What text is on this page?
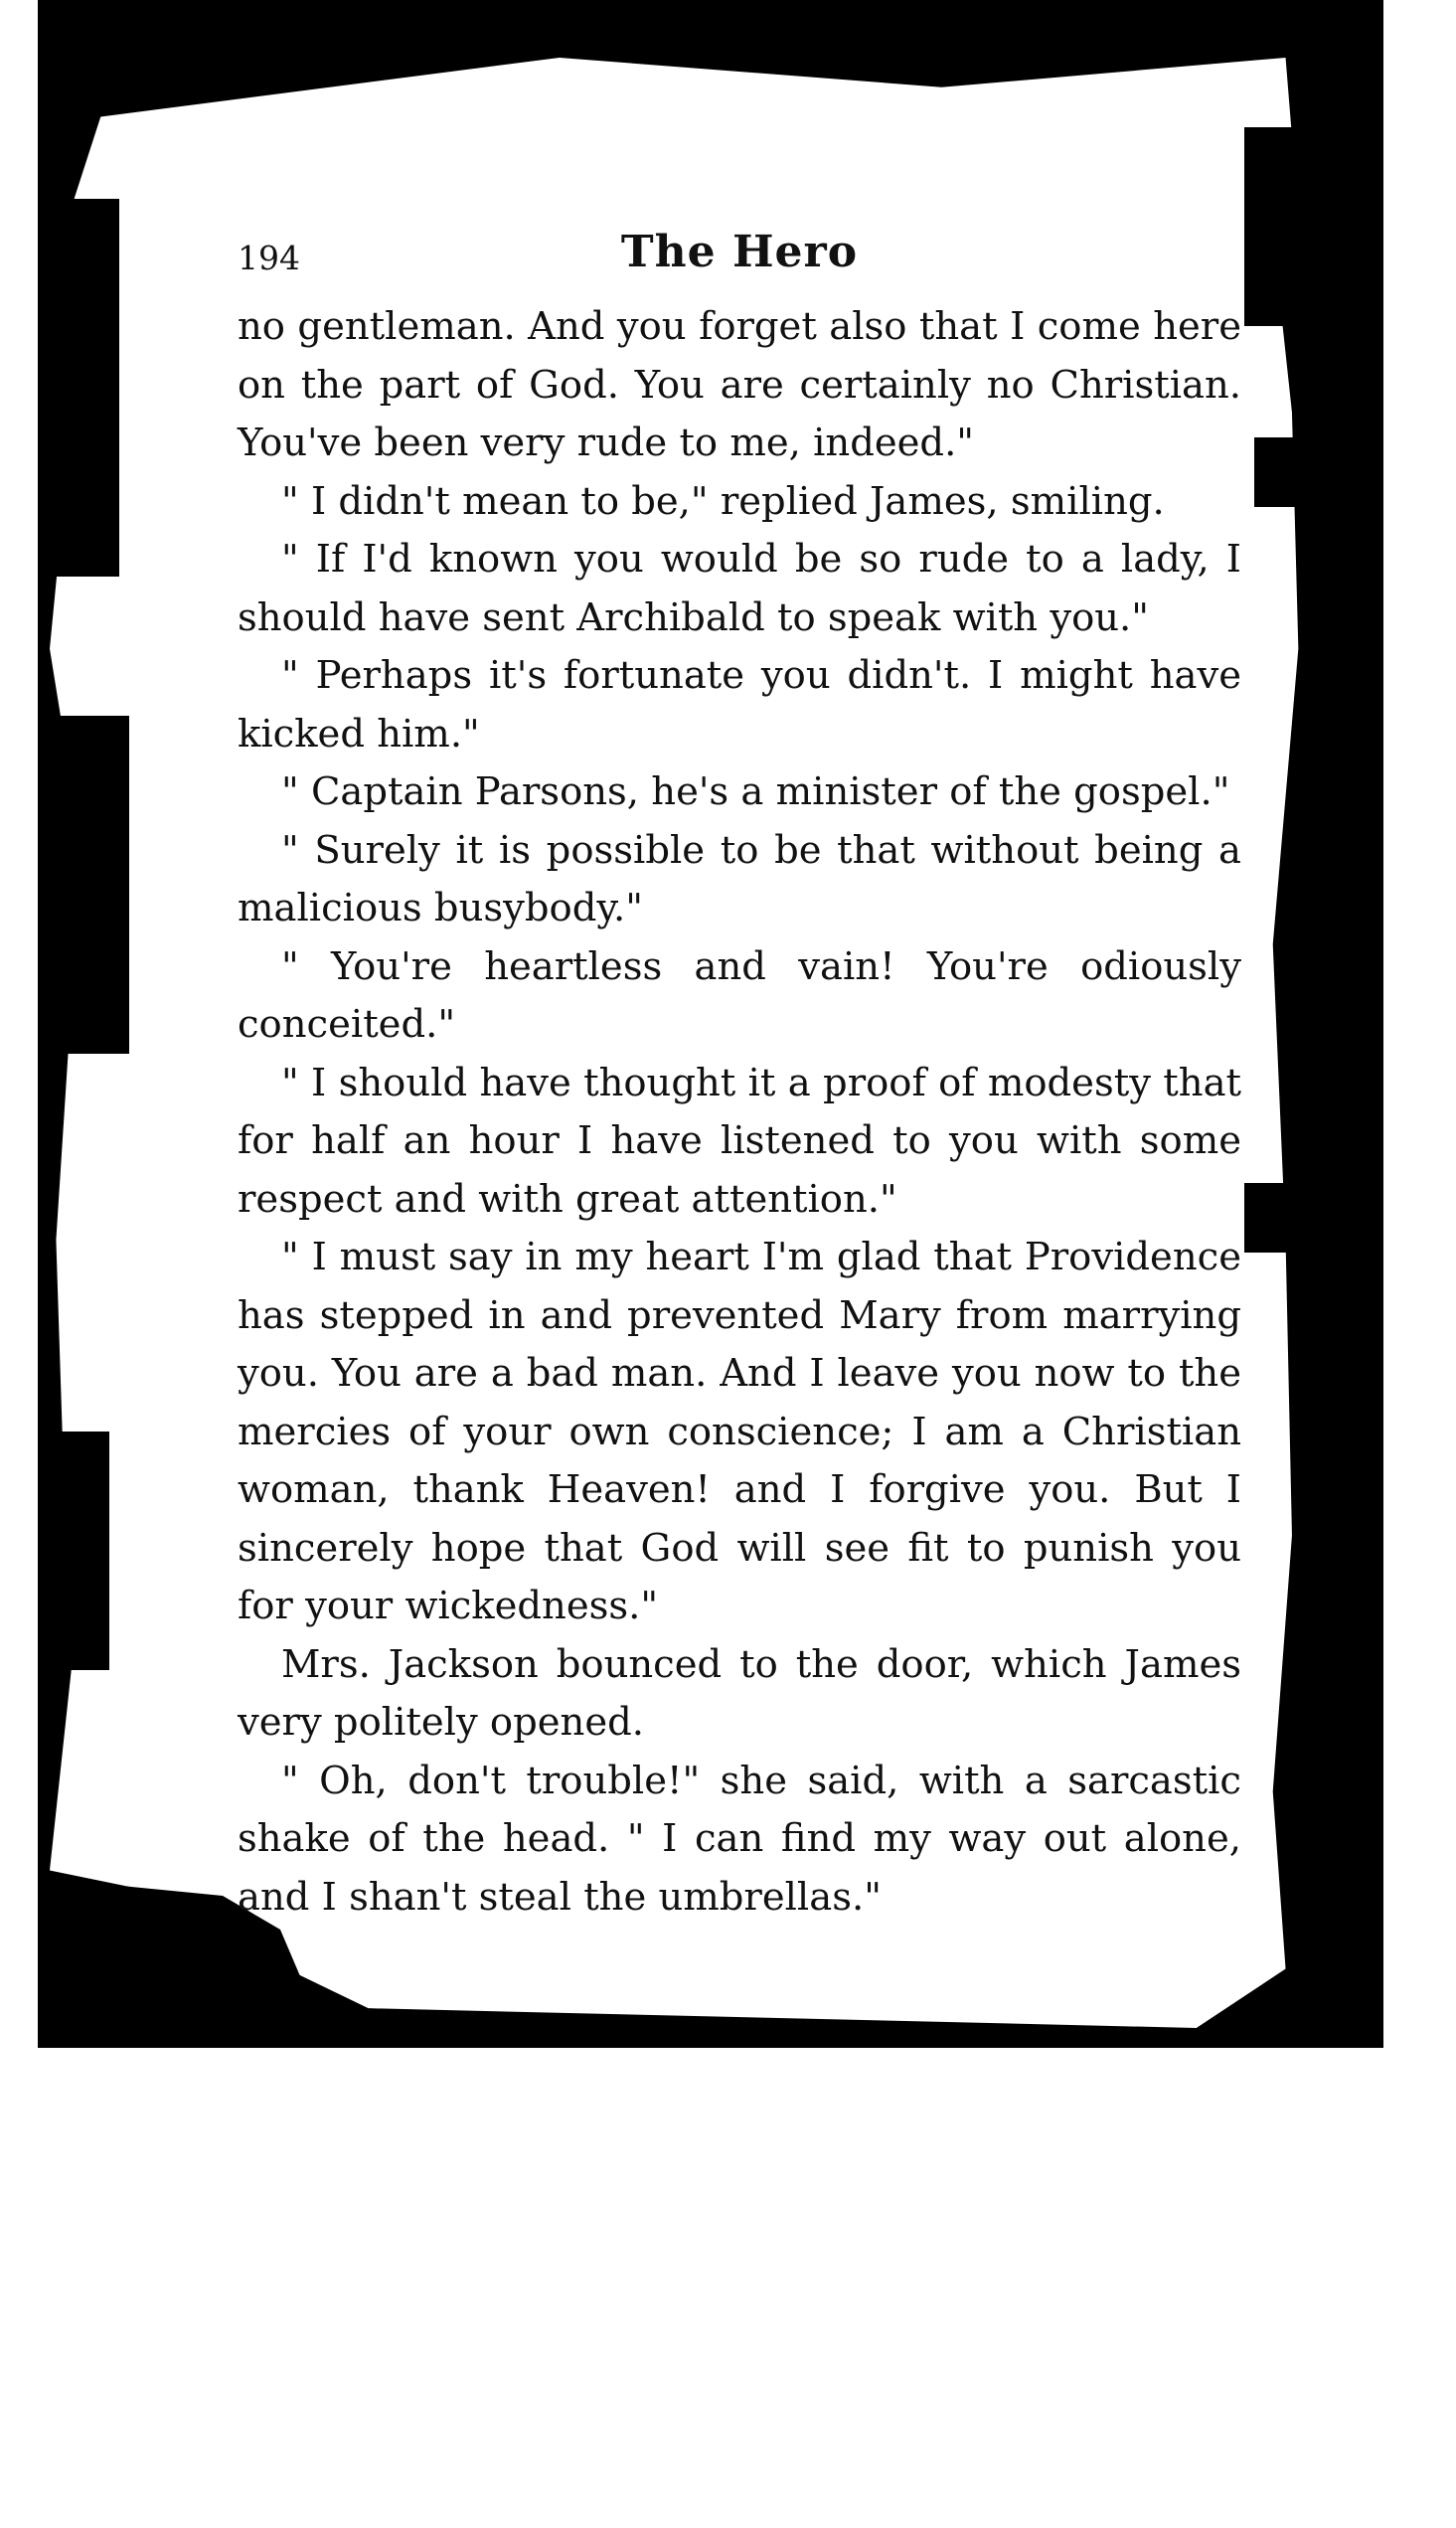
194	The Hero

no gentleman. And you forget also that I come here on the part of God. You are certainly no Christian. You've been very rude to me, indeed."

" I didn't mean to be," replied James, smiling.

" If I'd known you would be so rude to a lady, I should have sent Archibald to speak with you."

" Perhaps it's fortunate you didn't. I might have kicked him."

" Captain Parsons, he's a minister of the gospel."

" Surely it is possible to be that without being a malicious busybody."

" You're heartless and vain! You're odiously conceited."

" I should have thought it a proof of modesty that for half an hour I have listened to you with some respect and with great attention."

" I must say in my heart I'm glad that Providence has stepped in and prevented Mary from marrying you. You are a bad man. And I leave you now to the mercies of your own conscience; I am a Christian woman, thank Heaven! and I forgive you. But I sincerely hope that God will see fit to punish you for your wickedness."

Mrs. Jackson bounced to the door, which James very politely opened.

" Oh, don't trouble!" she said, with a sarcastic shake of the head. " I can find my way out alone, and I shan't steal the umbrellas."
